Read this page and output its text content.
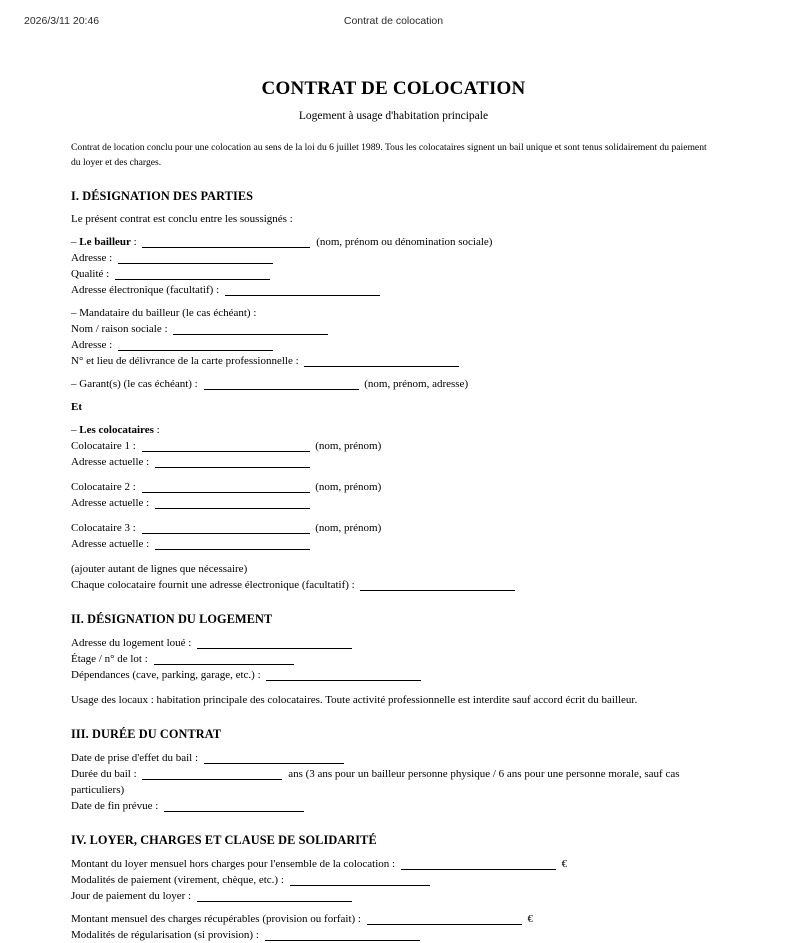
2026/3/11 20:46	Contrat de colocation
CONTRAT DE COLOCATION

Logement à usage d'habitation principale

Contrat de location conclu pour une colocation au sens de la loi du 6 juillet 1989. Tous les colocataires signent un bail unique et sont tenus solidairement du paiement du loyer et des charges.

I. DÉSIGNATION DES PARTIES

Le présent contrat est conclu entre les soussignés :

– Le bailleur :	(nom, prénom ou dénomination sociale)

Adresse :

Qualité :

Adresse électronique (facultatif) :

– Mandataire du bailleur (le cas échéant) :

Nom / raison sociale :

Adresse :

N° et lieu de délivrance de la carte professionnelle :

– Garant(s) (le cas échéant) :	(nom, prénom, adresse)

Et

– Les colocataires :

Colocataire 1 :	(nom, prénom)

Adresse actuelle :

Colocataire 2 :	(nom, prénom)

Adresse actuelle :

Colocataire 3 :	(nom, prénom)

Adresse actuelle :

(ajouter autant de lignes que nécessaire)

Chaque colocataire fournit une adresse électronique (facultatif) :

II. DÉSIGNATION DU LOGEMENT

Adresse du logement loué :

Étage / n° de lot :

Dépendances (cave, parking, garage, etc.) :

Usage des locaux : habitation principale des colocataires. Toute activité professionnelle est interdite sauf accord écrit du bailleur.

III. DURÉE DU CONTRAT

Date de prise d'effet du bail :

Durée du bail :	ans (3 ans pour un bailleur personne physique / 6 ans pour une personne morale, sauf cas particuliers)

Date de fin prévue :

IV. LOYER, CHARGES ET CLAUSE DE SOLIDARITÉ

Montant du loyer mensuel hors charges pour l'ensemble de la colocation :	€

Modalités de paiement (virement, chèque, etc.) :

Jour de paiement du loyer :

Montant mensuel des charges récupérables (provision ou forfait) :	€

Modalités de régularisation (si provision) :
